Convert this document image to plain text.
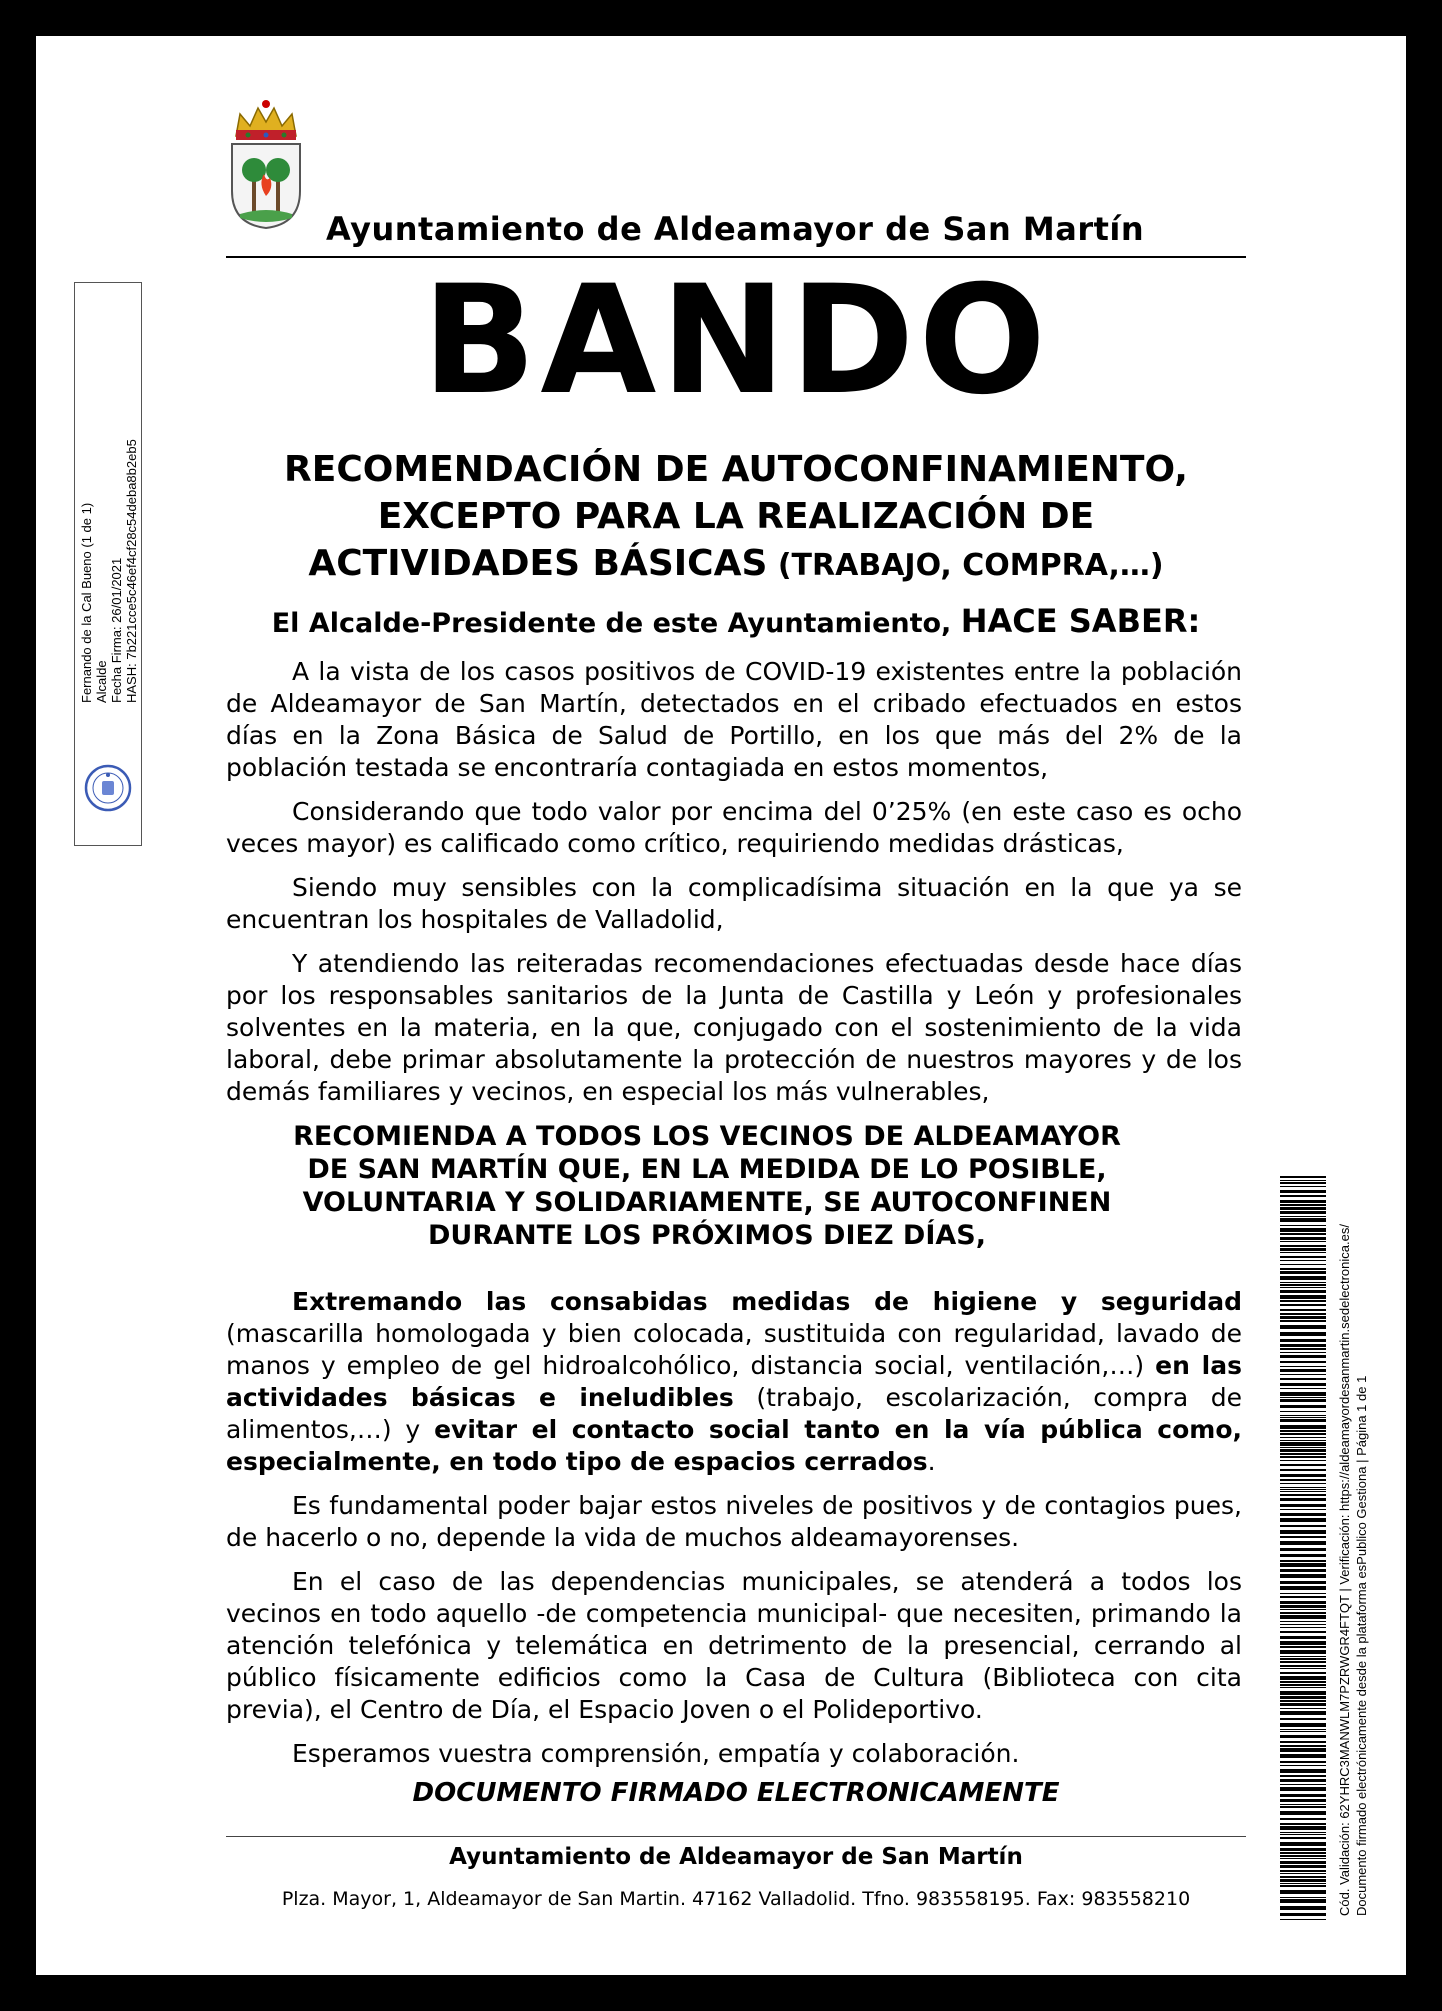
Fernando de la Cal Bueno (1 de 1) Alcalde Fecha Firma: 26/01/2021 HASH: 7b221cce5c46ef4cf28c54deba8b2eb5
Ayuntamiento de Aldeamayor de San Martín
BANDO
RECOMENDACIÓN DE AUTOCONFINAMIENTO,
EXCEPTO PARA LA REALIZACIÓN DE
ACTIVIDADES BÁSICAS (TRABAJO, COMPRA,…)
El Alcalde-Presidente de este Ayuntamiento, HACE SABER:

A la vista de los casos positivos de COVID-19 existentes entre la población de Aldeamayor de San Martín, detectados en el cribado efectuados en estos días en la Zona Básica de Salud de Portillo, en los que más del 2% de la población testada se encontraría contagiada en estos momentos,

Considerando que todo valor por encima del 0’25% (en este caso es ocho veces mayor) es calificado como crítico, requiriendo medidas drásticas,

Siendo muy sensibles con la complicadísima situación en la que ya se encuentran los hospitales de Valladolid,

Y atendiendo las reiteradas recomendaciones efectuadas desde hace días por los responsables sanitarios de la Junta de Castilla y León y profesionales solventes en la materia, en la que, conjugado con el sostenimiento de la vida laboral, debe primar absolutamente la protección de nuestros mayores y de los demás familiares y vecinos, en especial los más vulnerables,

RECOMIENDA A TODOS LOS VECINOS DE ALDEAMAYOR
DE SAN MARTÍN QUE, EN LA MEDIDA DE LO POSIBLE,
VOLUNTARIA Y SOLIDARIAMENTE, SE AUTOCONFINEN
DURANTE LOS PRÓXIMOS DIEZ DÍAS,

Extremando las consabidas medidas de higiene y seguridad (mascarilla homologada y bien colocada, sustituida con regularidad, lavado de manos y empleo de gel hidroalcohólico, distancia social, ventilación,…) en las actividades básicas e ineludibles (trabajo, escolarización, compra de alimentos,…) y evitar el contacto social tanto en la vía pública como, especialmente, en todo tipo de espacios cerrados.

Es fundamental poder bajar estos niveles de positivos y de contagios pues, de hacerlo o no, depende la vida de muchos aldeamayorenses.

En el caso de las dependencias municipales, se atenderá a todos los vecinos en todo aquello -de competencia municipal- que necesiten, primando la atención telefónica y telemática en detrimento de la presencial, cerrando al público físicamente edificios como la Casa de Cultura (Biblioteca con cita previa), el Centro de Día, el Espacio Joven o el Polideportivo.

Esperamos vuestra comprensión, empatía y colaboración.

DOCUMENTO FIRMADO ELECTRONICAMENTE
Ayuntamiento de Aldeamayor de San Martín
Plza. Mayor, 1, Aldeamayor de San Martin. 47162 Valladolid. Tfno. 983558195. Fax: 983558210	Cód. Validación: 62YHRC3MANWLM7PZRWGR4FTQT | Verificación: https://aldeamayordesanmartin.sedelectronica.es/ Documento firmado electrónicamente desde la plataforma esPublico Gestiona | Página 1 de 1
